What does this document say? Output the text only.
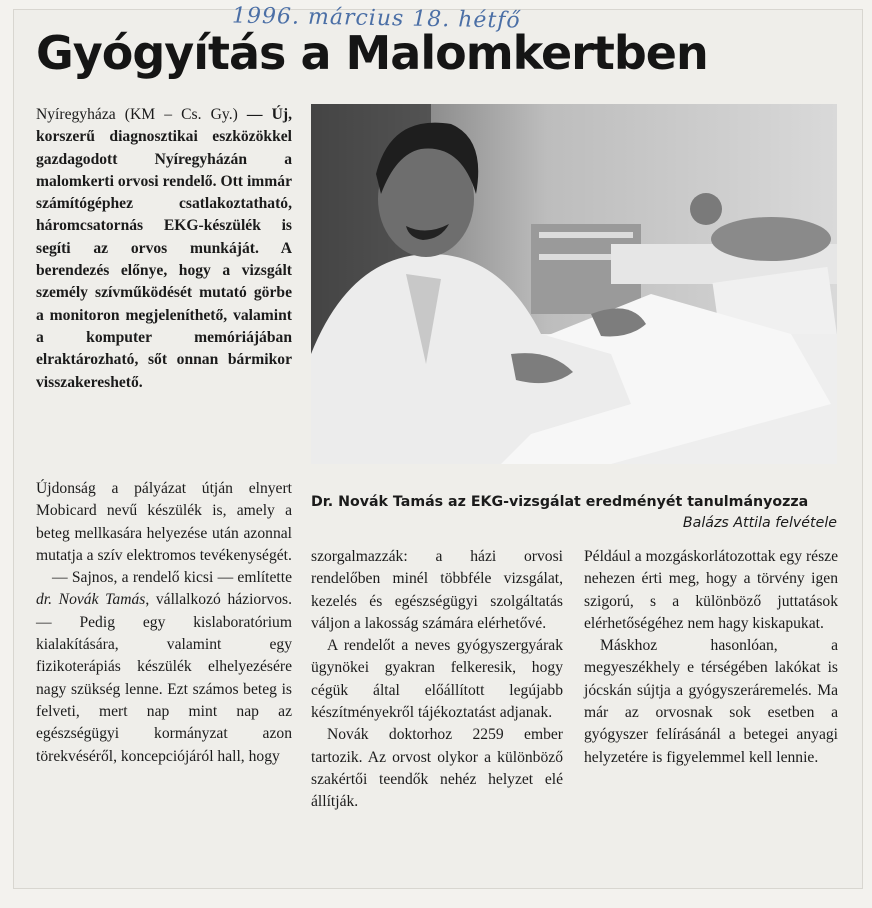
1996. március 18. hétfő
Gyógyítás a Malomkertben

Nyíregyháza (KM – Cs. Gy.) — Új, korszerű diagnosztikai eszközökkel gazdagodott Nyíregyházán a malomkerti orvosi rendelő. Ott immár számítógéphez csatlakoztatható, háromcsatornás EKG-készülék is segíti az orvos munkáját. A berendezés előnye, hogy a vizsgált személy szívműködését mutató görbe a monitoron megjeleníthető, valamint a komputer memóriájában elraktározható, sőt onnan bármikor visszakereshető.

Dr. Novák Tamás az EKG-vizsgálat eredményét tanulmányozza
Balázs Attila felvétele

Újdonság a pályázat útján elnyert Mobicard nevű készülék is, amely a beteg mellkasára helyezése után azonnal mutatja a szív elektromos tevékenységét.

— Sajnos, a rendelő kicsi — említette dr. Novák Tamás, vállalkozó háziorvos. — Pedig egy kislaboratórium kialakítására, valamint egy fizikoterápiás készülék elhelyezésére nagy szükség lenne. Ezt számos beteg is felveti, mert nap mint nap az egészségügyi kormányzat azon törekvéséről, koncepciójáról hall, hogy

szorgalmazzák: a házi orvosi rendelőben minél többféle vizsgálat, kezelés és egészségügyi szolgáltatás váljon a lakosság számára elérhetővé.

A rendelőt a neves gyógyszergyárak ügynökei gyakran felkeresik, hogy cégük által előállított legújabb készítményekről tájékoztatást adjanak.

Novák doktorhoz 2259 ember tartozik. Az orvost olykor a különböző szakértői teendők nehéz helyzet elé állítják.

Például a mozgáskorlátozottak egy része nehezen érti meg, hogy a törvény igen szigorú, s a különböző juttatások elérhetőségéhez nem hagy kiskapukat.

Máskhoz hasonlóan, a megyeszékhely e térségében lakókat is jócskán sújtja a gyógyszeráremelés. Ma már az orvosnak sok esetben a gyógyszer felírásánál a betegei anyagi helyzetére is figyelemmel kell lennie.
